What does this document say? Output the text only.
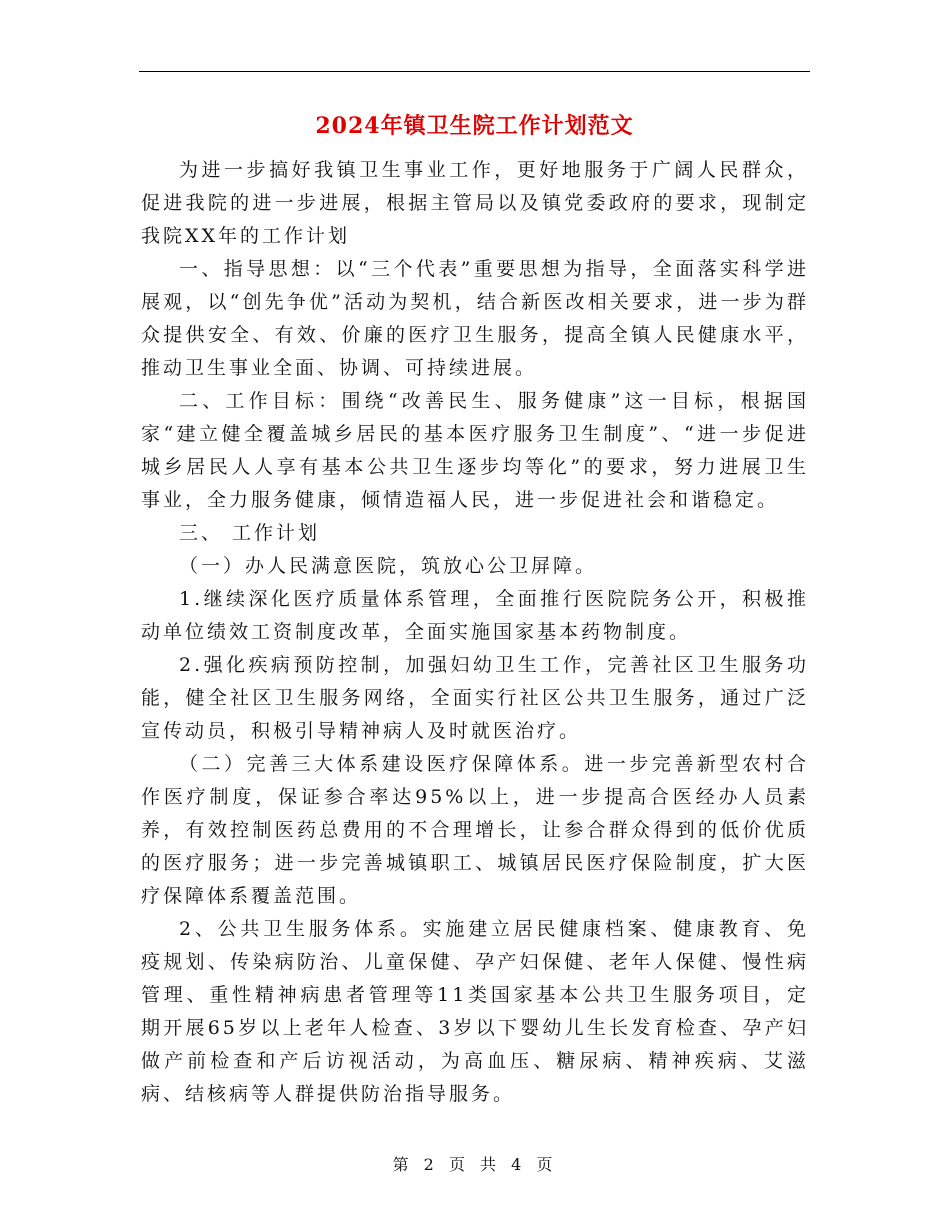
2024年镇卫生院工作计划范文

为进一步搞好我镇卫生事业工作，更好地服务于广阔人民群众，促进我院的进一步进展，根据主管局以及镇党委政府的要求，现制定我院XX年的工作计划

一、指导思想：以“三个代表”重要思想为指导，全面落实科学进展观，以“创先争优”活动为契机，结合新医改相关要求，进一步为群众提供安全、有效、价廉的医疗卫生服务，提高全镇人民健康水平，推动卫生事业全面、协调、可持续进展。

二、工作目标：围绕“改善民生、服务健康”这一目标，根据国家“建立健全覆盖城乡居民的基本医疗服务卫生制度”、“进一步促进城乡居民人人享有基本公共卫生逐步均等化”的要求，努力进展卫生事业，全力服务健康，倾情造福人民，进一步促进社会和谐稳定。

三、 工作计划

（一）办人民满意医院，筑放心公卫屏障。

1.继续深化医疗质量体系管理，全面推行医院院务公开，积极推动单位绩效工资制度改革，全面实施国家基本药物制度。

2.强化疾病预防控制，加强妇幼卫生工作，完善社区卫生服务功能，健全社区卫生服务网络，全面实行社区公共卫生服务，通过广泛宣传动员，积极引导精神病人及时就医治疗。

（二）完善三大体系建设医疗保障体系。进一步完善新型农村合作医疗制度，保证参合率达95%以上，进一步提高合医经办人员素养，有效控制医药总费用的不合理增长，让参合群众得到的低价优质的医疗服务；进一步完善城镇职工、城镇居民医疗保险制度，扩大医疗保障体系覆盖范围。

2、公共卫生服务体系。实施建立居民健康档案、健康教育、免疫规划、传染病防治、儿童保健、孕产妇保健、老年人保健、慢性病管理、重性精神病患者管理等11类国家基本公共卫生服务项目，定期开展65岁以上老年人检查、3岁以下婴幼儿生长发育检查、孕产妇做产前检查和产后访视活动，为高血压、糖尿病、精神疾病、艾滋病、结核病等人群提供防治指导服务。

第 2 页 共 4 页
